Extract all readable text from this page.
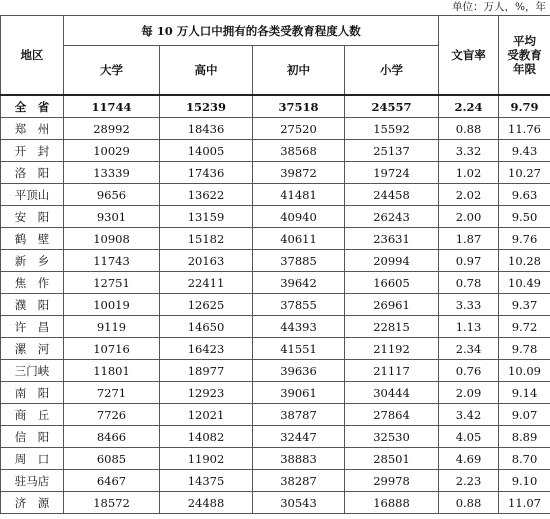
单位：万人，%，年
地区	每 10 万人口中拥有的各类受教育程度人数				文盲率	平均
受教育
年限

	大学	高中	初中	小学		
全　省	11744	15239	37518	24557	2.24	9.79
郑　州	28992	18436	27520	15592	0.88	11.76
开　封	10029	14005	38568	25137	3.32	9.43
洛　阳	13339	17436	39872	19724	1.02	10.27
平顶山	9656	13622	41481	24458	2.02	9.63
安　阳	9301	13159	40940	26243	2.00	9.50
鹤　壁	10908	15182	40611	23631	1.87	9.76
新　乡	11743	20163	37885	20994	0.97	10.28
焦　作	12751	22411	39642	16605	0.78	10.49
濮　阳	10019	12625	37855	26961	3.33	9.37
许　昌	9119	14650	44393	22815	1.13	9.72
漯　河	10716	16423	41551	21192	2.34	9.78
三门峡	11801	18977	39636	21117	0.76	10.09
南　阳	7271	12923	39061	30444	2.09	9.14
商　丘	7726	12021	38787	27864	3.42	9.07
信　阳	8466	14082	32447	32530	4.05	8.89
周　口	6085	11902	38883	28501	4.69	8.70
驻马店	6467	14375	38287	29978	2.23	9.10
济　源	18572	24488	30543	16888	0.88	11.07
